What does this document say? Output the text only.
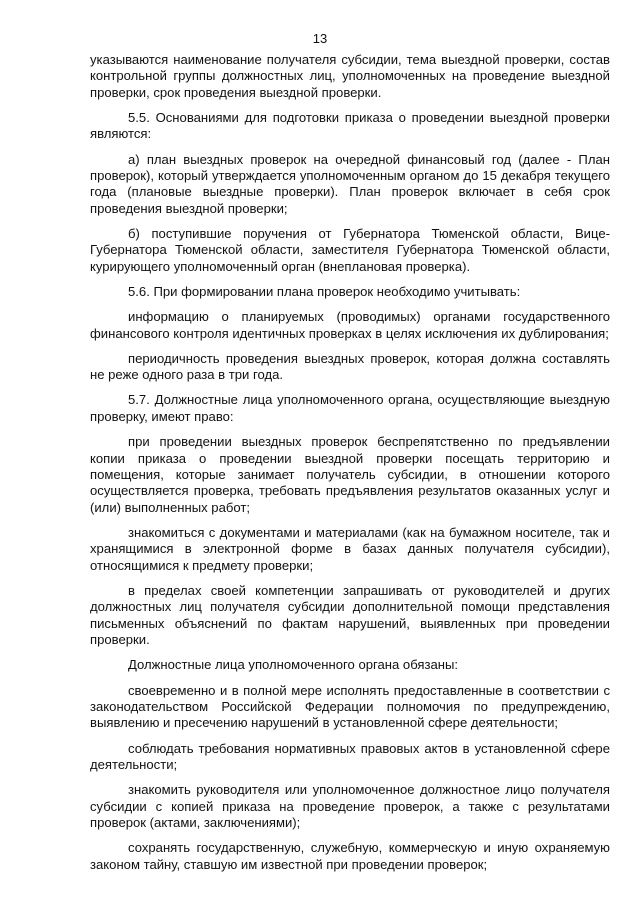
13

указываются наименование получателя субсидии, тема выездной проверки, состав контрольной группы должностных лиц, уполномоченных на проведение выездной проверки, срок проведения выездной проверки.

5.5. Основаниями для подготовки приказа о проведении выездной проверки являются:

а) план выездных проверок на очередной финансовый год (далее - План проверок), который утверждается уполномоченным органом до 15 декабря текущего года (плановые выездные проверки). План проверок включает в себя срок проведения выездной проверки;

б) поступившие поручения от Губернатора Тюменской области, Вице-Губернатора Тюменской области, заместителя Губернатора Тюменской области, курирующего уполномоченный орган (внеплановая проверка).

5.6. При формировании плана проверок необходимо учитывать:

информацию о планируемых (проводимых) органами государственного финансового контроля идентичных проверках в целях исключения их дублирования;

периодичность проведения выездных проверок, которая должна составлять не реже одного раза в три года.

5.7. Должностные лица уполномоченного органа, осуществляющие выездную проверку, имеют право:

при проведении выездных проверок беспрепятственно по предъявлении копии приказа о проведении выездной проверки посещать территорию и помещения, которые занимает получатель субсидии, в отношении которого осуществляется проверка, требовать предъявления результатов оказанных услуг и (или) выполненных работ;

знакомиться с документами и материалами (как на бумажном носителе, так и хранящимися в электронной форме в базах данных получателя субсидии), относящимися к предмету проверки;

в пределах своей компетенции запрашивать от руководителей и других должностных лиц получателя субсидии дополнительной помощи представления письменных объяснений по фактам нарушений, выявленных при проведении проверки.

Должностные лица уполномоченного органа обязаны:

своевременно и в полной мере исполнять предоставленные в соответствии с законодательством Российской Федерации полномочия по предупреждению, выявлению и пресечению нарушений в установленной сфере деятельности;

соблюдать требования нормативных правовых актов в установленной сфере деятельности;

знакомить руководителя или уполномоченное должностное лицо получателя субсидии с копией приказа на проведение проверок, а также с результатами проверок (актами, заключениями);

сохранять государственную, служебную, коммерческую и иную охраняемую законом тайну, ставшую им известной при проведении проверок;
